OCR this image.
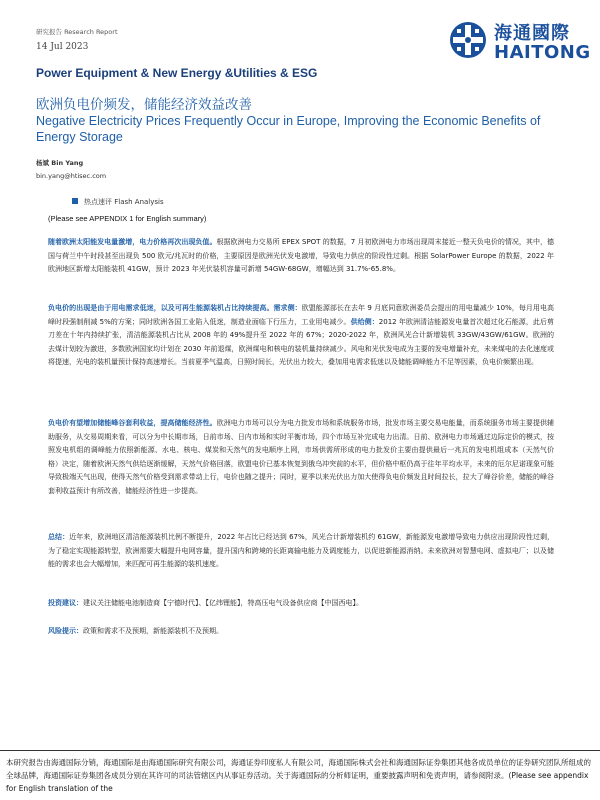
研究报告 Research Report
14 Jul 2023
海通國際
HAITONG
Power Equipment & New Energy &Utilities & ESG
欧洲负电价频发，储能经济效益改善
Negative Electricity Prices Frequently Occur in Europe, Improving the Economic Benefits of Energy Storage
杨斌 Bin Yang
bin.yang@htisec.com
热点速评 Flash Analysis
(Please see APPENDIX 1 for English summary)

随着欧洲太阳能发电量激增，电力价格再次出现负值。根据欧洲电力交易所 EPEX SPOT 的数据，7 月初欧洲电力市场出现周末接近一整天负电价的情况，其中，德国与荷兰中午时段甚至出现负 500 欧元/兆瓦时的价格，主要原因是欧洲光伏发电激增，导致电力供应的阶段性过剩。根据 SolarPower Europe 的数据，2022 年欧洲地区新增太阳能装机 41GW，预计 2023 年光伏装机容量可新增 54GW-68GW，增幅达到 31.7%-65.8%。

负电价的出现是由于用电需求低迷，以及可再生能源装机占比持续提高。需求侧：欧盟能源部长在去年 9 月底同意欧洲委员会提出的用电量减少 10%，每月用电高峰时段强制削减 5%的方案；同时欧洲各国工业陷入低迷，制造业面临下行压力，工业用电减少。供给侧：2012 年欧洲清洁能源发电量首次超过化石能源，此后剪刀差在十年内持续扩张，清洁能源装机占比从 2008 年的 49%提升至 2022 年的 67%；2020-2022 年，欧洲风光合计新增装机 33GW/43GW/61GW。欧洲的去煤计划较为激进，多数欧洲国家均计划在 2030 年前退煤，欧洲煤电和核电的装机量持续减少。风电和光伏发电成为主要的发电增量补充，未来煤电的去化速度或将提速，光电的装机量预计保持高速增长。当前夏季气温高，日照时间长，光伏出力较大，叠加用电需求低迷以及储能调峰能力不足等因素，负电价频繁出现。

负电价有望增加储能峰谷套利收益，提高储能经济性。欧洲电力市场可以分为电力批发市场和系统服务市场，批发市场主要交易电能量，而系统服务市场主要提供辅助服务，从交易周期来看，可以分为中长期市场，日前市场、日内市场和实时平衡市场，四个市场互补完成电力出清。日前、欧洲电力市场通过边际定价的模式，按照发电机组的调峰能力依照新能源、水电、核电、煤炭和天然气的发电顺序上网，市场供需所形成的电力批发价主要由提供最后一兆瓦的发电机组成本（天然气价格）决定，随着欧洲天然气供给逐渐缓解，天然气价格回落，欧盟电价已基本恢复到俄乌冲突前的水平，但价格中枢仍高于往年平均水平，未来的厄尔尼诺现象可能导致极端天气出现，使得天然气价格受到需求带动上行，电价也随之提升；同时，夏季以来光伏出力加大使得负电价频发且时间拉长，拉大了峰谷价差，储能的峰谷套利收益预计有所改善，储能经济性进一步提高。

总结：近年来，欧洲地区清洁能源装机比例不断提升，2022 年占比已经达到 67%，风光合计新增装机约 61GW，新能源发电激增导致电力供应出现阶段性过剩，为了稳定实现能源转型，欧洲需要大幅提升电网容量，提升国内和跨境的长距离输电能力及调度能力，以促进新能源消纳。未来欧洲对智慧电网、虚拟电厂；以及储能的需求也会大幅增加，来匹配可再生能源的装机速度。

投资建议：建议关注储能电池制造商【宁德时代】、【亿纬锂能】，特高压电气设备供应商【中国西电】。

风险提示：政策和需求不及预期，新能源装机不及预期。

本研究报告由海通国际分销，海通国际是由海通国际研究有限公司，海通证券印度私人有限公司，海通国际株式会社和海通国际证券集团其他各成员单位的证券研究团队所组成的全球品牌，海通国际证券集团各成员分别在其许可的司法管辖区内从事证券活动。关于海通国际的分析师证明，重要披露声明和免责声明，请参阅附录。(Please see appendix for English translation of the
